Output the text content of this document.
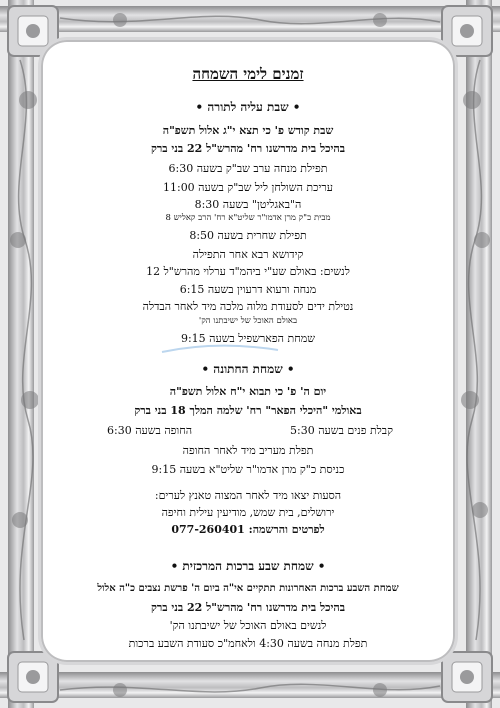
זמנים לימי השמחה
• שבת עליה לתורה •
שבת קודש פ' כי תצא י"ג אלול תשפ"ה
בהיכל בית מדרשנו רח' מהרש"ל 22 בני ברק
תפילת מנחה ערב שב"ק בשעה 6:30
עריכת השולחן ליל שב"ק בשעה 11:00
ה"באגליטן" בשעה 8:30
מבית כ"ק מרן אדמו"ר שליט"א רח' הרב קאליש 8
תפילת שחרית בשעה 8:50
קידושא רבא אחר התפילה
לנשים: באולם שע"י ביהמ"ד ערלוי מהרש"ל 12
מנחה ורעוא דרעוין בשעה 6:15
נטילת ידים לסעודת מלוה מלכה מיד לאחר הבדלה
באולם האוכל של ישיבתנו הק'
שמחת הפארשפיל בשעה 9:15
• שמחת החתונה •
יום ה' פ' כי תבוא י"ח אלול תשפ"ה
באולמי "היכלי הפאר" רח' שלמה המלך 18 בני ברק
קבלת פנים בשעה 5:30
החופה בשעה 6:30
תפלת מעריב מיד לאחר החופה
כניסת כ"ק מרן אדמו"ר שליט"א בשעה 9:15
הסעות יצאו מיד לאחר המצוה טאנץ לערים:
ירושלים, בית שמש, מודיעין עילית וחיפה
לפרטים והרשמה: 077-260401
• שמחת שבע ברכות המרכזית •
שמחת השבע ברכות האחרונות תתקיים אי"ה ביום ה' פרשת נצבים כ"ה אלול
בהיכל בית מדרשנו רח' מהרש"ל 22 בני ברק
לנשים באולם האוכל של ישיבתנו הק'
תפלת מנחה בשעה 4:30 ולאחמ"כ סעודת השבע ברכות
